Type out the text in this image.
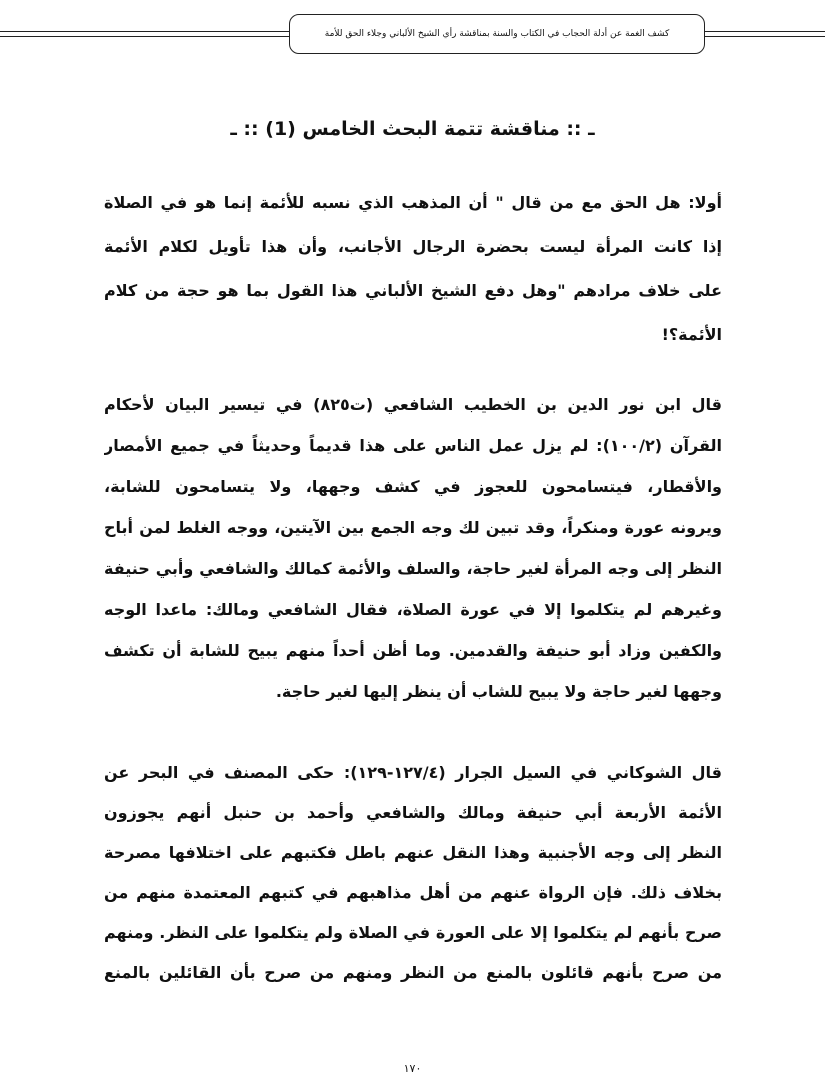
كشف الغمة عن أدلة الحجاب في الكتاب والسنة بمناقشة رأي الشيخ الألباني وجلاء الحق للأمة
ـ :: مناقشة تتمة البحث الخامس (1) :: ـ
أولا: هل الحق مع من قال " أن المذهب الذي نسبه للأئمة إنما هو في الصلاة
إذا كانت المرأة ليست بحضرة الرجال الأجانب، وأن هذا تأويل لكلام الأئمة
على خلاف مرادهم "وهل دفع الشيخ الألباني هذا القول بما هو حجة من كلام
الأئمة؟!
قال ابن نور الدين بن الخطيب الشافعي (ت٨٢٥) في تيسير البيان لأحكام
القرآن (١٠٠/٢): لم يزل عمل الناس على هذا قديماً وحديثاً في جميع الأمصار
والأقطار، فيتسامحون للعجوز في كشف وجهها، ولا يتسامحون للشابة،
ويرونه عورة ومنكراً، وقد تبين لك وجه الجمع بين الآيتين، ووجه الغلط لمن أباح
النظر إلى وجه المرأة لغير حاجة، والسلف والأئمة كمالك والشافعي وأبي حنيفة
وغيرهم لم يتكلموا إلا في عورة الصلاة، فقال الشافعي ومالك: ماعدا الوجه
والكفين وزاد أبو حنيفة والقدمين. وما أظن أحداً منهم يبيح للشابة أن تكشف
وجهها لغير حاجة ولا يبيح للشاب أن ينظر إليها لغير حاجة.
قال الشوكاني في السيل الجرار (١٢٧/٤-١٢٩): حكى المصنف في البحر عن
الأئمة الأربعة أبي حنيفة ومالك والشافعي وأحمد بن حنبل أنهم يجوزون
النظر إلى وجه الأجنبية وهذا النقل عنهم باطل فكتبهم على اختلافها مصرحة
بخلاف ذلك. فإن الرواة عنهم من أهل مذاهبهم في كتبهم المعتمدة منهم من
صرح بأنهم لم يتكلموا إلا على العورة في الصلاة ولم يتكلموا على النظر. ومنهم
من صرح بأنهم قائلون بالمنع من النظر ومنهم من صرح بأن القائلين بالمنع
١٧٠
